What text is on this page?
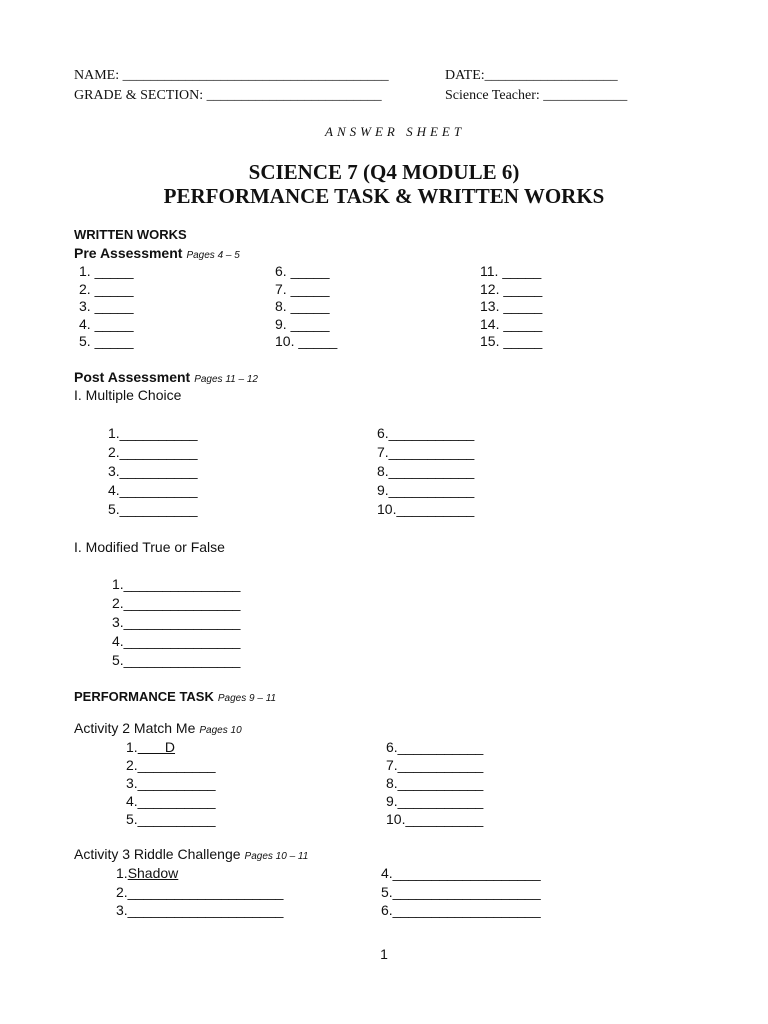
NAME: ______________________________________	DATE:___________________
GRADE & SECTION: _________________________	Science Teacher: ____________
ANSWER SHEET
SCIENCE 7 (Q4 MODULE 6)
PERFORMANCE TASK & WRITTEN WORKS
WRITTEN WORKS
Pre Assessment Pages 4 – 5
1. _____
2. _____
3. _____
4. _____
5. _____
6. _____
7. _____
8. _____
9. _____
10. _____
11. _____
12. _____
13. _____
14. _____
15. _____
Post Assessment Pages 11 – 12
I. Multiple Choice
1.__________
2.__________
3.__________
4.__________
5.__________
6.___________
7.___________
8.___________
9.___________
10.__________
I. Modified True or False
1._______________
2._______________
3._______________
4._______________
5._______________
PERFORMANCE TASK Pages 9 – 11
Activity 2 Match Me Pages 10
1.       D
2.__________
3.__________
4.__________
5.__________
6.___________
7.___________
8.___________
9.___________
10.__________
Activity 3 Riddle Challenge Pages 10 – 11
1.Shadow
2.____________________
3.____________________
4.___________________
5.___________________
6.___________________
1
